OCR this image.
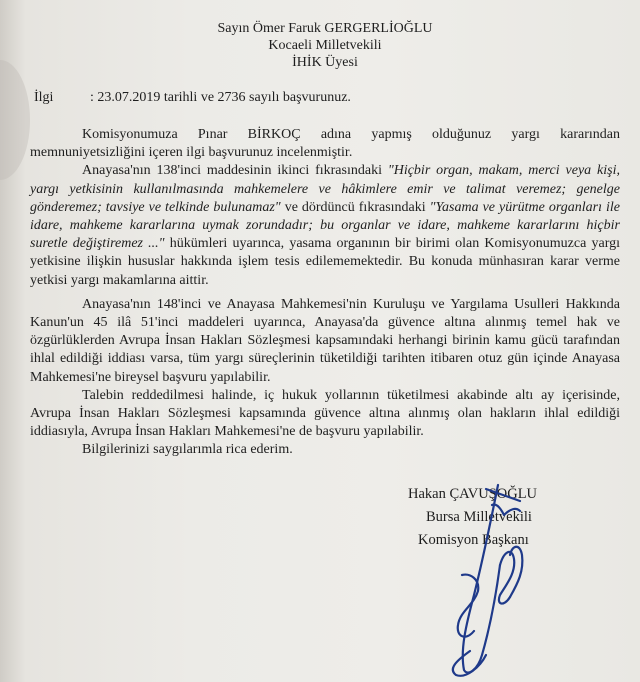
Sayın Ömer Faruk GERGERLİOĞLU
Kocaeli Milletvekili
İHİK Üyesi
İlgi	: 23.07.2019 tarihli ve 2736 sayılı başvurunuz.

Komisyonumuza Pınar BİRKOÇ adına yapmış olduğunuz yargı kararından memnuniyetsizliğini içeren ilgi başvurunuz incelenmiştir.

Anayasa'nın 138'inci maddesinin ikinci fıkrasındaki "Hiçbir organ, makam, merci veya kişi, yargı yetkisinin kullanılmasında mahkemelere ve hâkimlere emir ve talimat veremez; genelge gönderemez; tavsiye ve telkinde bulunamaz" ve dördüncü fıkrasındaki "Yasama ve yürütme organları ile idare, mahkeme kararlarına uymak zorundadır; bu organlar ve idare, mahkeme kararlarını hiçbir suretle değiştiremez ..." hükümleri uyarınca, yasama organının bir birimi olan Komisyonumuzca yargı yetkisine ilişkin hususlar hakkında işlem tesis edilememektedir. Bu konuda münhasıran karar verme yetkisi yargı makamlarına aittir.

Anayasa'nın 148'inci ve Anayasa Mahkemesi'nin Kuruluşu ve Yargılama Usulleri Hakkında Kanun'un 45 ilâ 51'inci maddeleri uyarınca, Anayasa'da güvence altına alınmış temel hak ve özgürlüklerden Avrupa İnsan Hakları Sözleşmesi kapsamındaki herhangi birinin kamu gücü tarafından ihlal edildiği iddiası varsa, tüm yargı süreçlerinin tüketildiği tarihten itibaren otuz gün içinde Anayasa Mahkemesi'ne bireysel başvuru yapılabilir.

Talebin reddedilmesi halinde, iç hukuk yollarının tüketilmesi akabinde altı ay içerisinde, Avrupa İnsan Hakları Sözleşmesi kapsamında güvence altına alınmış olan hakların ihlal edildiği iddiasıyla, Avrupa İnsan Hakları Mahkemesi'ne de başvuru yapılabilir.

Bilgilerinizi saygılarımla rica ederim.

Hakan ÇAVUŞOĞLU
Bursa Milletvekili
Komisyon Başkanı
